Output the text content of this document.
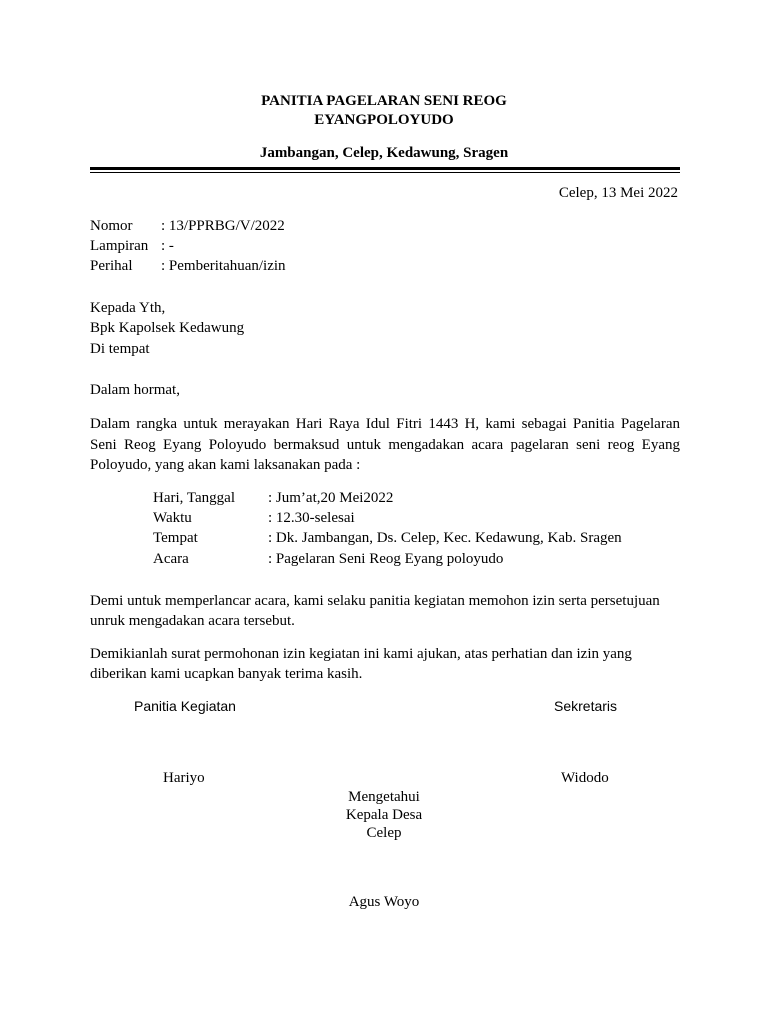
PANITIA PAGELARAN SENI REOG
EYANGPOLOYUDO
Jambangan, Celep, Kedawung, Sragen
Celep, 13 Mei 2022
Nomor : 13/PPRBG/V/2022
Lampiran : -
Perihal : Pemberitahuan/izin
Kepada Yth,
Bpk Kapolsek Kedawung
Di tempat
Dalam hormat,
Dalam rangka untuk merayakan Hari Raya Idul Fitri 1443 H, kami sebagai Panitia Pagelaran
Seni Reog Eyang Poloyudo bermaksud untuk mengadakan acara pagelaran seni reog Eyang
Poloyudo, yang akan kami laksanakan pada :
Hari, Tanggal : Jum’at,20 Mei2022
Waktu	: 12.30-selesai
Tempat	: Dk. Jambangan, Ds. Celep, Kec. Kedawung, Kab. Sragen
Acara	: Pagelaran Seni Reog Eyang poloyudo
Demi untuk memperlancar acara, kami selaku panitia kegiatan memohon izin serta persetujuan
unruk mengadakan acara tersebut.
Demikianlah surat permohonan izin kegiatan ini kami ajukan, atas perhatian dan izin yang
diberikan kami ucapkan banyak terima kasih.
Panitia Kegiatan	Sekretaris
Hariyo	Widodo
Mengetahui
Kepala Desa
Celep
Agus Woyo
